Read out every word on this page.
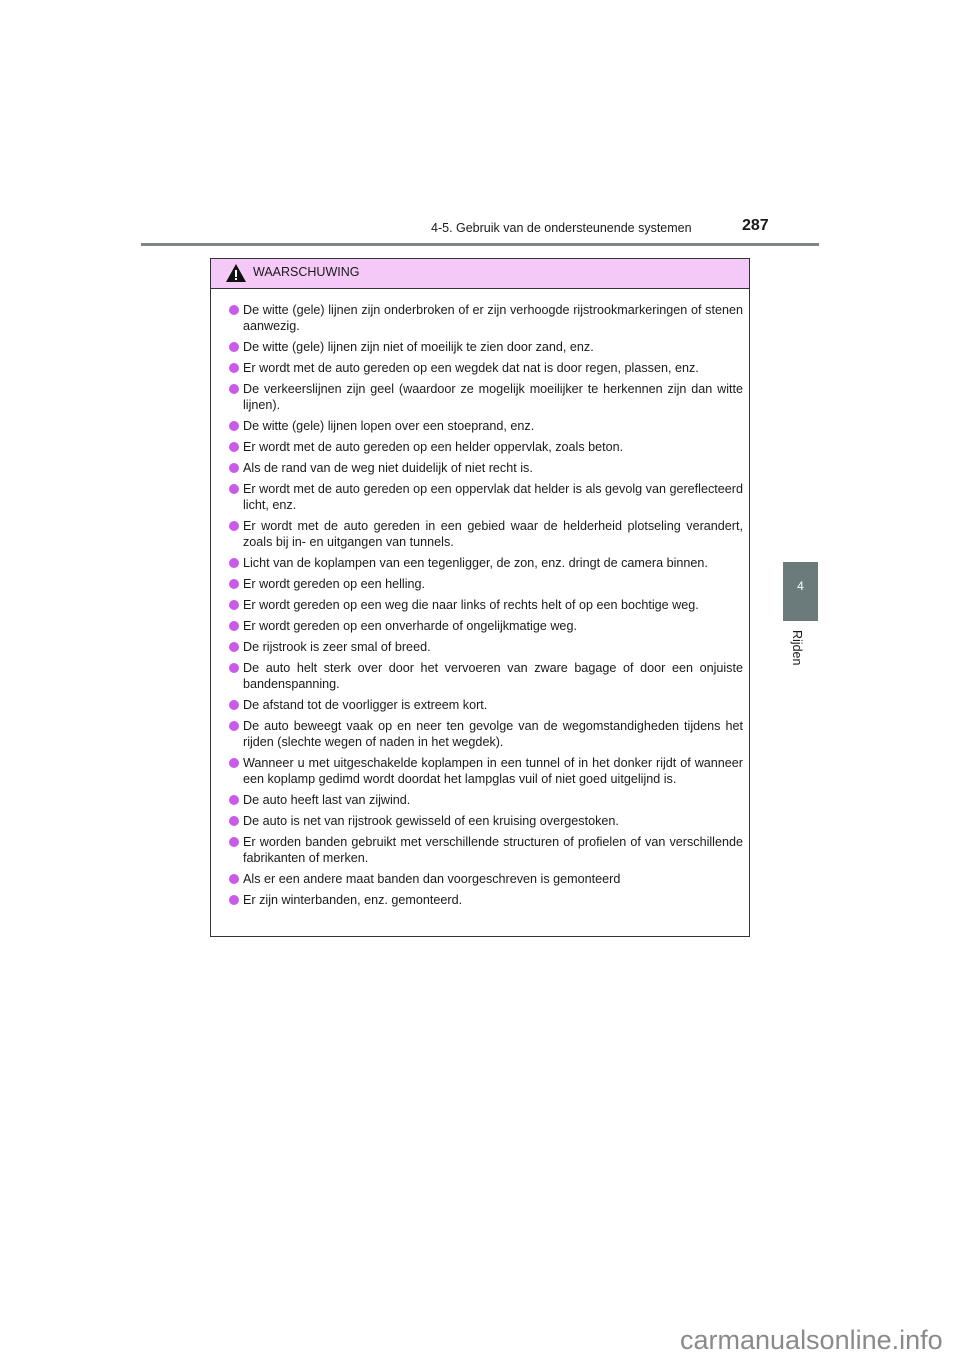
4-5. Gebruik van de ondersteunende systemen	287
WAARSCHUWING
De witte (gele) lijnen zijn onderbroken of er zijn verhoogde rijstrookmarkeringen of stenen aanwezig.
De witte (gele) lijnen zijn niet of moeilijk te zien door zand, enz.
Er wordt met de auto gereden op een wegdek dat nat is door regen, plassen, enz.
De verkeerslijnen zijn geel (waardoor ze mogelijk moeilijker te herkennen zijn dan witte lijnen).
De witte (gele) lijnen lopen over een stoeprand, enz.
Er wordt met de auto gereden op een helder oppervlak, zoals beton.
Als de rand van de weg niet duidelijk of niet recht is.
Er wordt met de auto gereden op een oppervlak dat helder is als gevolg van gereflecteerd licht, enz.
Er wordt met de auto gereden in een gebied waar de helderheid plotseling verandert, zoals bij in- en uitgangen van tunnels.
Licht van de koplampen van een tegenligger, de zon, enz. dringt de camera binnen.
Er wordt gereden op een helling.
Er wordt gereden op een weg die naar links of rechts helt of op een bochtige weg.
Er wordt gereden op een onverharde of ongelijkmatige weg.
De rijstrook is zeer smal of breed.
De auto helt sterk over door het vervoeren van zware bagage of door een onjuiste bandenspanning.
De afstand tot de voorligger is extreem kort.
De auto beweegt vaak op en neer ten gevolge van de wegomstandigheden tijdens het rijden (slechte wegen of naden in het wegdek).
Wanneer u met uitgeschakelde koplampen in een tunnel of in het donker rijdt of wanneer een koplamp gedimd wordt doordat het lampglas vuil of niet goed uitgelijnd is.
De auto heeft last van zijwind.
De auto is net van rijstrook gewisseld of een kruising overgestoken.
Er worden banden gebruikt met verschillende structuren of profielen of van verschillende fabrikanten of merken.
Als er een andere maat banden dan voorgeschreven is gemonteerd
Er zijn winterbanden, enz. gemonteerd.
4
Rijden
carmanualsonline.info
